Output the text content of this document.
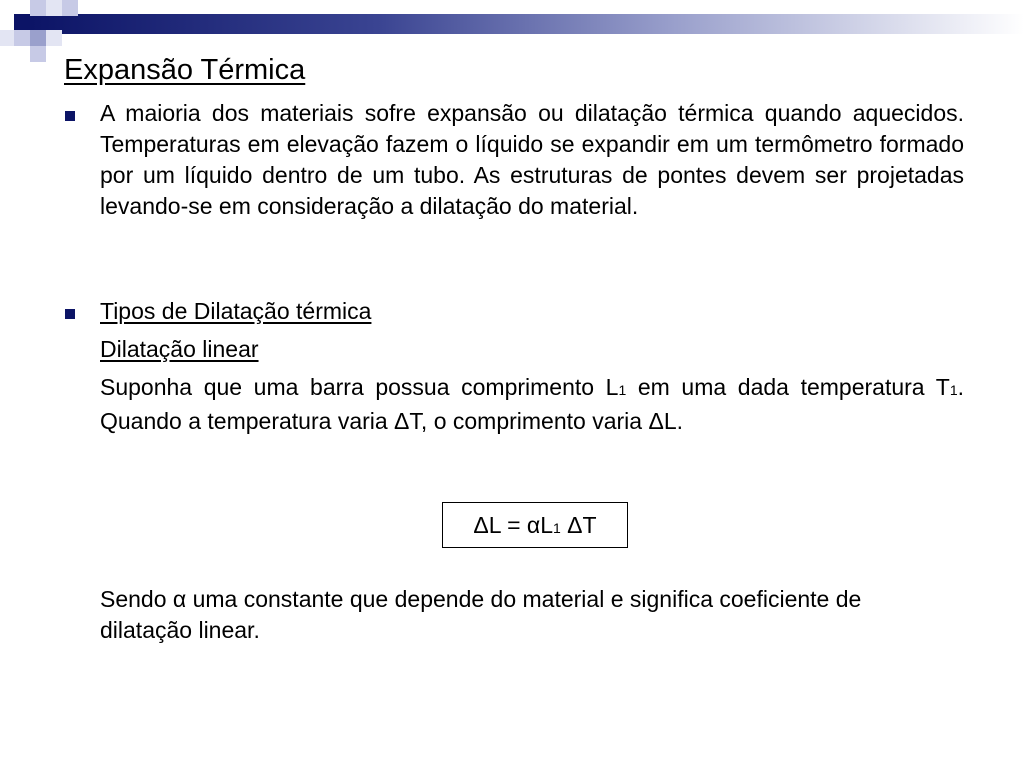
Expansão Térmica
A maioria dos materiais sofre expansão ou dilatação térmica quando aquecidos. Temperaturas em elevação fazem o líquido se expandir em um termômetro formado por um líquido dentro de um tubo. As estruturas de pontes devem ser projetadas levando-se em consideração a dilatação do material.
Tipos de Dilatação térmica
Dilatação linear
Suponha que uma barra possua comprimento L1 em uma dada temperatura T1. Quando a temperatura varia ΔT, o comprimento varia ΔL.
ΔL = αL1 ΔT
Sendo α uma constante que depende do material e significa coeficiente de dilatação linear.
